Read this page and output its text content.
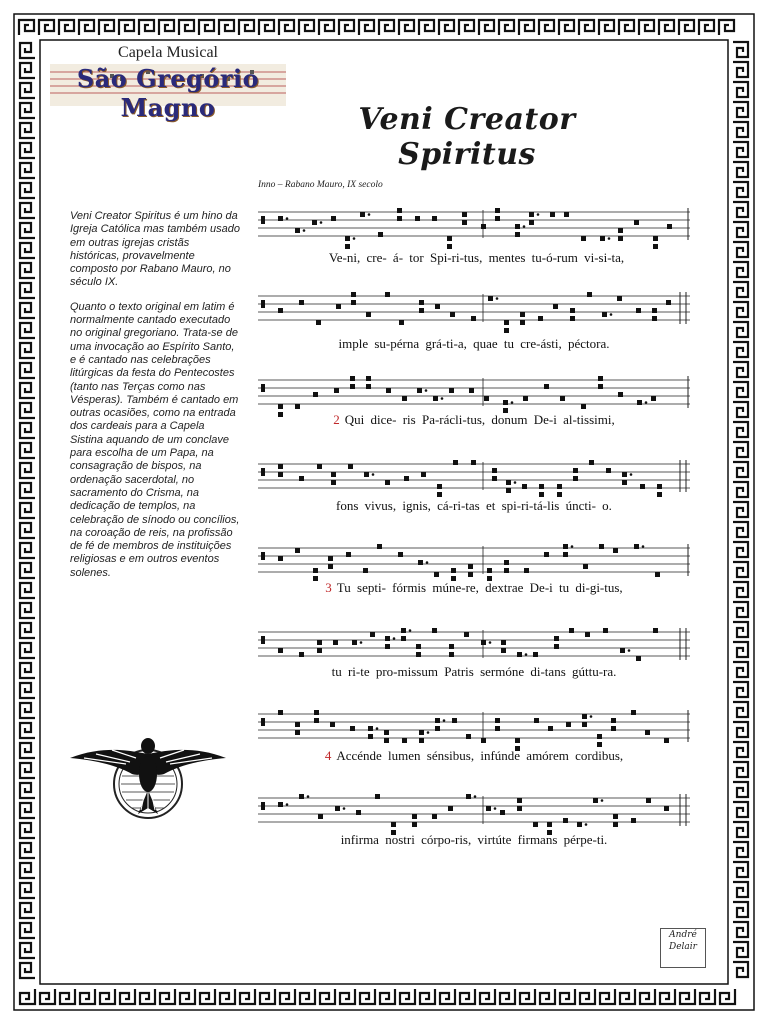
Capela Musical
São Gregório Magno	Veni Creator Spiritus
Inno – Rabano Mauro, IX secolo

Veni Creator Spiritus é um hino da Igreja Católica mas também usado em outras igrejas cristãs históricas, provavelmente composto por Rabano Mauro, no século IX.

Quanto o texto original em latim é normalmente cantado executado no original gregoriano. Trata-se de uma invocação ao Espírito Santo, e é cantado nas celebrações litúrgicas da festa do Pentecostes (tanto nas Terças como nas Vésperas). Também é cantado em outras ocasiões, como na entrada dos cardeais para a Capela Sistina aquando de um conclave para escolha de um Papa, na consagração de bispos, na ordenação sacerdotal, no sacramento do Crisma, na dedicação de templos, na celebração de sínodo ou concílios, na coroação de reis, na profissão de fé de membros de instituições religiosas e em outros eventos solenes.

Ve-ni, cre- á- tor Spi-ri-tus, mentes tu-ó-rum vi-si-ta,
imple su-pérna grá-ti-a, quae tu cre-ásti, péctora.
2 Qui dice- ris Pa-rácli-tus, donum De-i al-tissimi,
fons vivus, ignis, cá-ri-tas et spi-ri-tá-lis úncti- o.
3 Tu septi- fórmis múne-re, dextrae De-i tu di-gi-tus,
tu ri-te pro-missum Patris sermóne di-tans gúttu-ra.
4 Accénde lumen sénsibus, infúnde amórem cordibus,
infirma nostri córpo-ris, virtúte firmans pérpe-ti.
André
Delair
